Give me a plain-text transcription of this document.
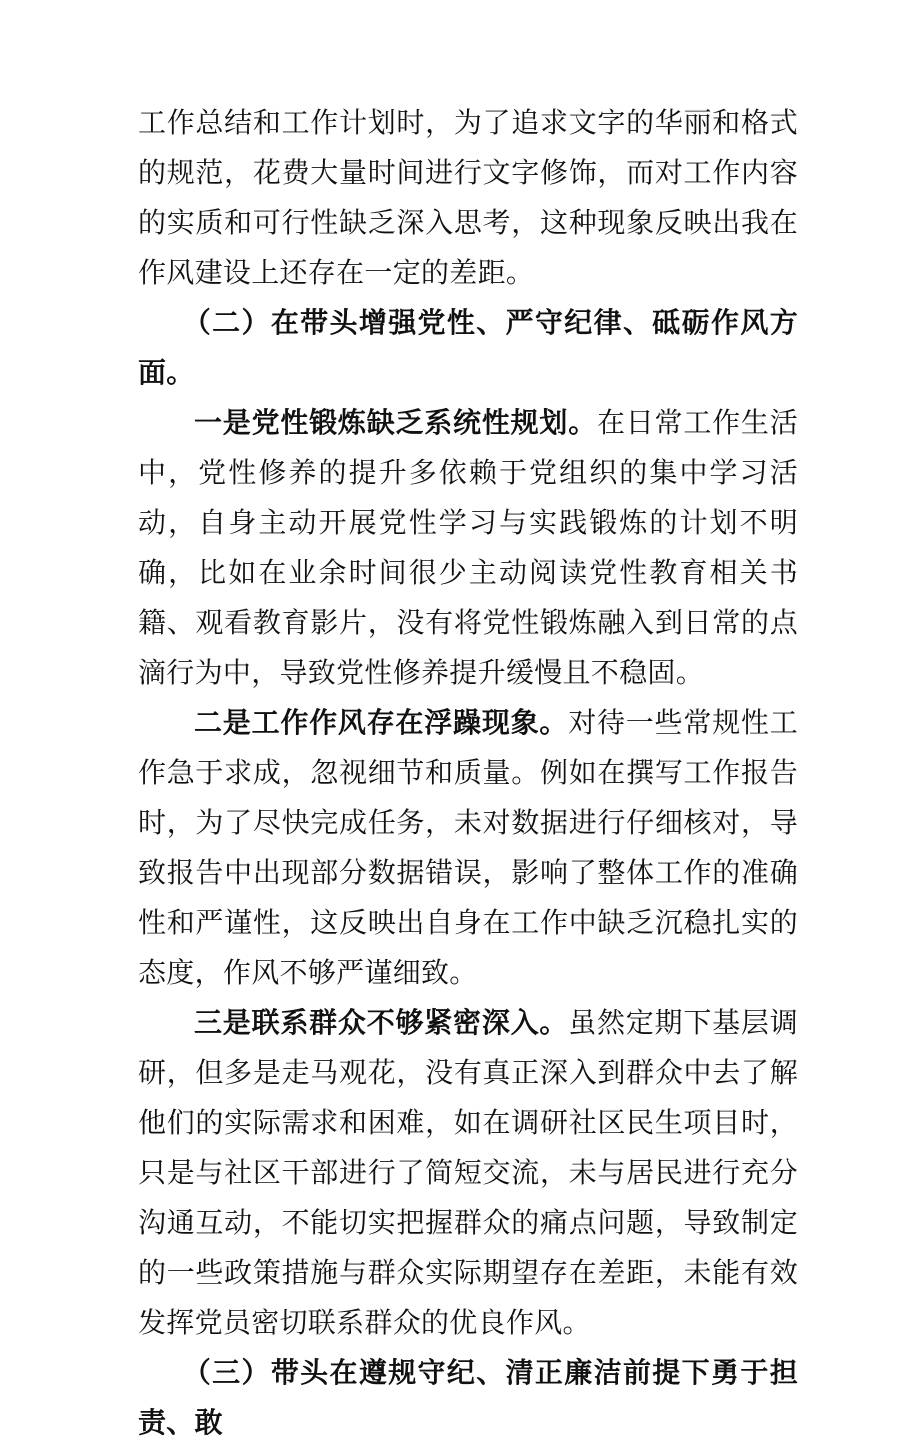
工作总结和工作计划时，为了追求文字的华丽和格式的规范，花费大量时间进行文字修饰，而对工作内容的实质和可行性缺乏深入思考，这种现象反映出我在作风建设上还存在一定的差距。

（二）在带头增强党性、严守纪律、砥砺作风方面。

一是党性锻炼缺乏系统性规划。在日常工作生活中，党性修养的提升多依赖于党组织的集中学习活动，自身主动开展党性学习与实践锻炼的计划不明确，比如在业余时间很少主动阅读党性教育相关书籍、观看教育影片，没有将党性锻炼融入到日常的点滴行为中，导致党性修养提升缓慢且不稳固。

二是工作作风存在浮躁现象。对待一些常规性工作急于求成，忽视细节和质量。例如在撰写工作报告时，为了尽快完成任务，未对数据进行仔细核对，导致报告中出现部分数据错误，影响了整体工作的准确性和严谨性，这反映出自身在工作中缺乏沉稳扎实的态度，作风不够严谨细致。

三是联系群众不够紧密深入。虽然定期下基层调研，但多是走马观花，没有真正深入到群众中去了解他们的实际需求和困难，如在调研社区民生项目时，只是与社区干部进行了简短交流，未与居民进行充分沟通互动，不能切实把握群众的痛点问题，导致制定的一些政策措施与群众实际期望存在差距，未能有效发挥党员密切联系群众的优良作风。

（三）带头在遵规守纪、清正廉洁前提下勇于担责、敢
